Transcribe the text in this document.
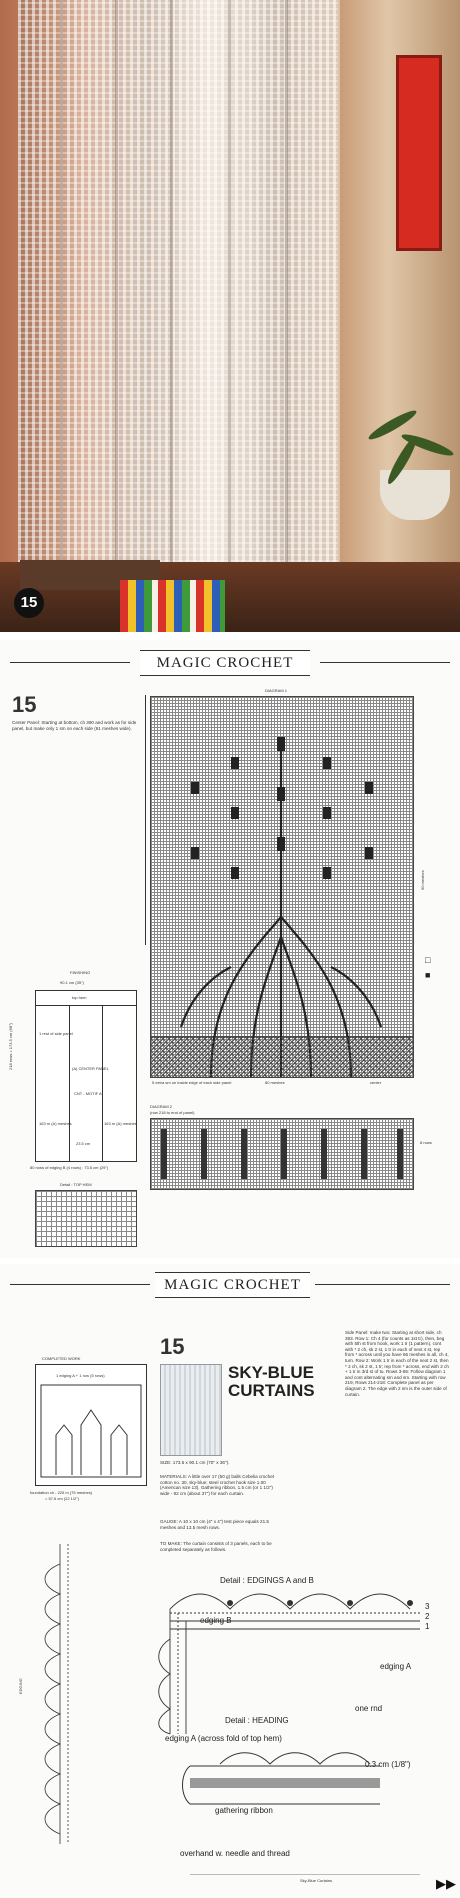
15
MAGIC CROCHET
15
Center Panel: Starting at bottom, ch 390 and work as for side panel, but make only 1 sm on each side (61 meshes wide).
FINISHING
90.1 cm (35")
top hem
1 rest of side panel
(A) CENTER PANEL
CNT - MOTIF A
163 m (A) meshes	163 m (A) meshes
23.5 cm
218 rows = 173.5 cm (68")
80 rows of edging B (4 rows) : 73.5 cm (29")
DIAGRAM 1
90 meshes
80 meshes	center
5 extra sm on inside edge of each side panel
□
■
DIAGRAM 2
(row 218 to end of panel)
8 rows
Detail : TOP HEM
MAGIC CROCHET
15
COMPLETED WORK
1 edging A + 1 row (5 rows)
foundation ch - 225 m (75 meshes)
= 57.6 cm (22 1/2")
SKY-BLUE
CURTAINS
SIZE: 173.5 x 90.1 cm (70" x 36").
MATERIALS: A little over 17 (50 g) balls Cebelia crochet cotton no. 30, sky-blue; steel crochet hook size 1.00 (American size 13). Gathering ribbon, 1.5 cm (or 1 1/2") wide - 92 cm (about 37") for each curtain.
GAUGE: A 10 x 10 cm (4" x 4") test piece equals 21.5 meshes and 13.5 mesh rows.
TO MAKE: The curtain consists of 3 panels, each to be completed separately as follows.
Side Panel: make two: Starting at short side, ch 393. Row 1: Ch 4 (for counts as 1st tr), then, beg with 5th st from hook, work 1 tr (1 pattern), cont with * 2 ch, sk 2 st, 1 tr in each of next 4 st, rep from * across until you have 66 meshes in all, ch 4, turn. Row 2: Work 1 tr in each of the next 2 st, then * 2 ch, sk 2 st, 1 tr; rep from * across, end with 2 ch + 1 tr in 3rd st of tu. Rows 3-66: Follow diagram 1 and cont alternating sm and sm. Starting with row 219, Rows 214-218: Complete panel as per diagram 2. The edge with 2 sm is the outer side of curtain.
Detail : EDGINGS A and B
edging B
3
2
1
edging A
one rnd
EDGING
Detail : HEADING
edging A (across fold of top hem)
0.3 cm (1/8")
gathering ribbon
overhand w. needle and thread
Sky-Blue Curtains	▶▶
